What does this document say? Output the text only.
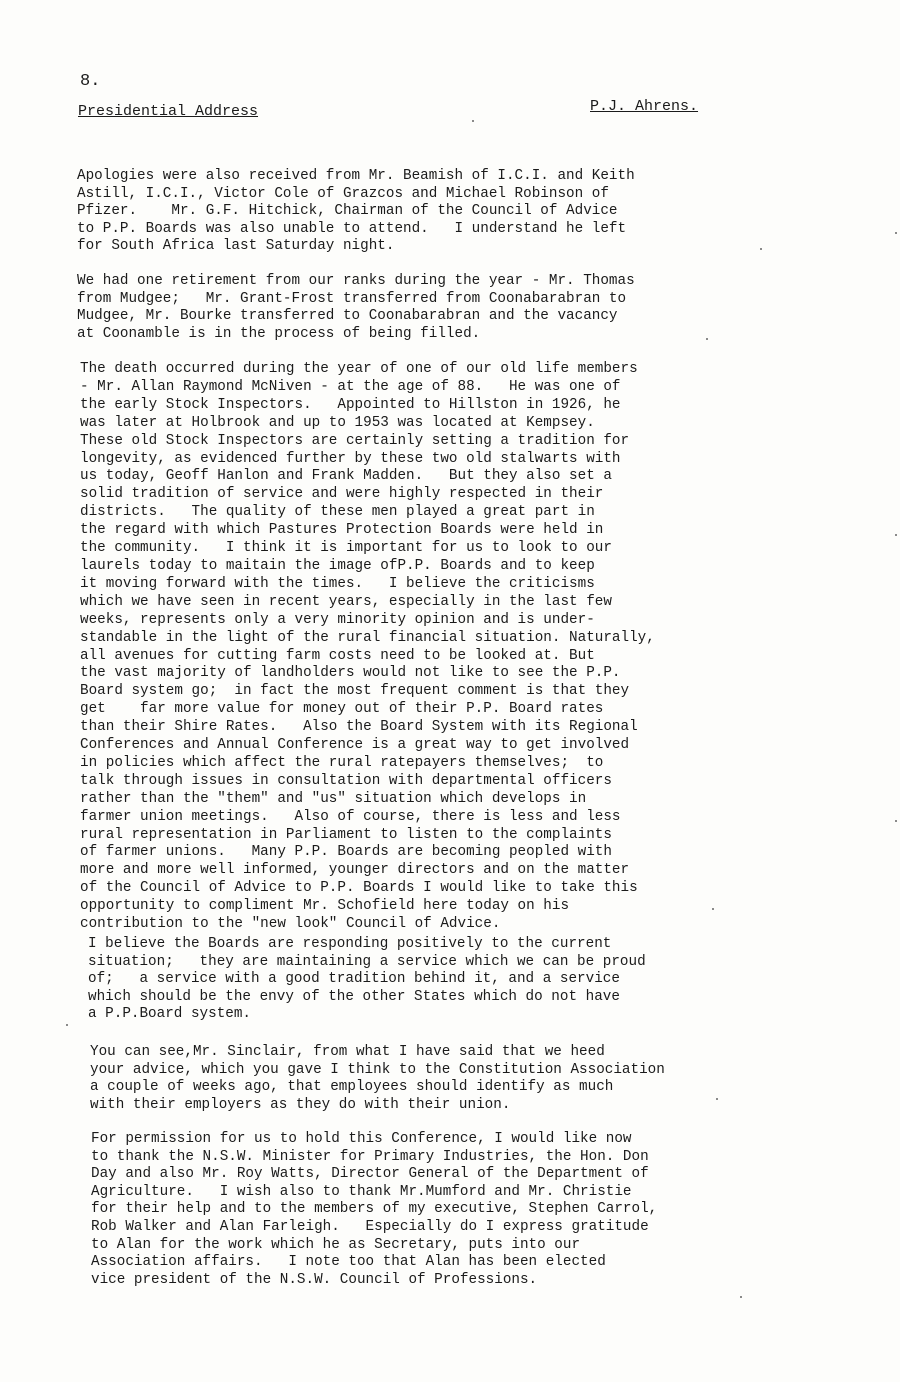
8.
Presidential Address	P.J. Ahrens.

Apologies were also received from Mr. Beamish of I.C.I. and Keith
Astill, I.C.I., Victor Cole of Grazcos and Michael Robinson of
Pfizer.    Mr. G.F. Hitchick, Chairman of the Council of Advice
to P.P. Boards was also unable to attend.   I understand he left
for South Africa last Saturday night.

We had one retirement from our ranks during the year - Mr. Thomas
from Mudgee;   Mr. Grant-Frost transferred from Coonabarabran to
Mudgee, Mr. Bourke transferred to Coonabarabran and the vacancy
at Coonamble is in the process of being filled.

The death occurred during the year of one of our old life members
- Mr. Allan Raymond McNiven - at the age of 88.   He was one of
the early Stock Inspectors.   Appointed to Hillston in 1926, he
was later at Holbrook and up to 1953 was located at Kempsey.
These old Stock Inspectors are certainly setting a tradition for
longevity, as evidenced further by these two old stalwarts with
us today, Geoff Hanlon and Frank Madden.   But they also set a
solid tradition of service and were highly respected in their
districts.   The quality of these men played a great part in
the regard with which Pastures Protection Boards were held in
the community.   I think it is important for us to look to our
laurels today to maitain the image ofP.P. Boards and to keep
it moving forward with the times.   I believe the criticisms
which we have seen in recent years, especially in the last few
weeks, represents only a very minority opinion and is under-
standable in the light of the rural financial situation. Naturally,
all avenues for cutting farm costs need to be looked at. But
the vast majority of landholders would not like to see the P.P.
Board system go;  in fact the most frequent comment is that they
get    far more value for money out of their P.P. Board rates
than their Shire Rates.   Also the Board System with its Regional
Conferences and Annual Conference is a great way to get involved
in policies which affect the rural ratepayers themselves;  to
talk through issues in consultation with departmental officers
rather than the "them" and "us" situation which develops in
farmer union meetings.   Also of course, there is less and less
rural representation in Parliament to listen to the complaints
of farmer unions.   Many P.P. Boards are becoming peopled with
more and more well informed, younger directors and on the matter
of the Council of Advice to P.P. Boards I would like to take this
opportunity to compliment Mr. Schofield here today on his
contribution to the "new look" Council of Advice.

I believe the Boards are responding positively to the current
situation;   they are maintaining a service which we can be proud
of;   a service with a good tradition behind it, and a service
which should be the envy of the other States which do not have
a P.P.Board system.

You can see,Mr. Sinclair, from what I have said that we heed
your advice, which you gave I think to the Constitution Association
a couple of weeks ago, that employees should identify as much
with their employers as they do with their union.

For permission for us to hold this Conference, I would like now
to thank the N.S.W. Minister for Primary Industries, the Hon. Don
Day and also Mr. Roy Watts, Director General of the Department of
Agriculture.   I wish also to thank Mr.Mumford and Mr. Christie
for their help and to the members of my executive, Stephen Carrol,
Rob Walker and Alan Farleigh.   Especially do I express gratitude
to Alan for the work which he as Secretary, puts into our
Association affairs.   I note too that Alan has been elected
vice president of the N.S.W. Council of Professions.
